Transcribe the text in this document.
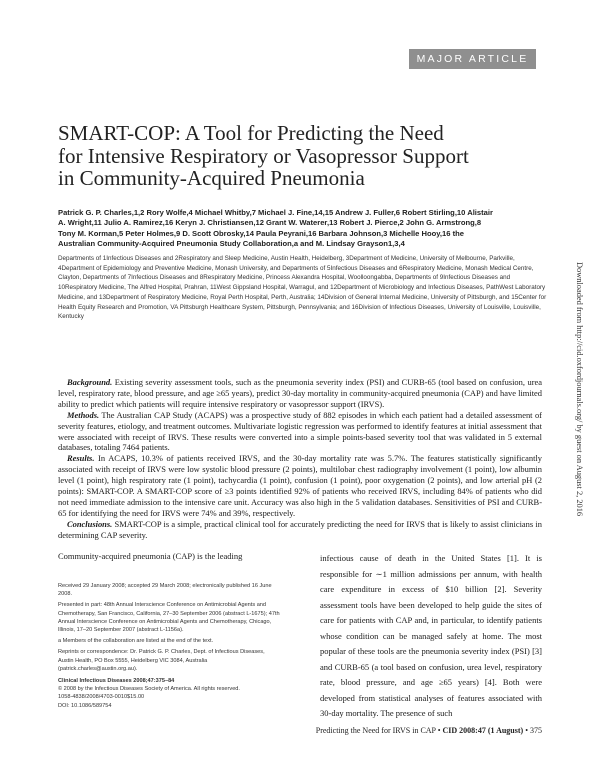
MAJOR ARTICLE
SMART-COP: A Tool for Predicting the Need
for Intensive Respiratory or Vasopressor Support
in Community-Acquired Pneumonia
Patrick G. P. Charles,1,2 Rory Wolfe,4 Michael Whitby,7 Michael J. Fine,14,15 Andrew J. Fuller,6 Robert Stirling,10 Alistair A. Wright,11 Julio A. Ramirez,16 Keryn J. Christiansen,12 Grant W. Waterer,13 Robert J. Pierce,2 John G. Armstrong,8 Tony M. Korman,5 Peter Holmes,9 D. Scott Obrosky,14 Paula Peyrani,16 Barbara Johnson,3 Michelle Hooy,16 the Australian Community-Acquired Pneumonia Study Collaboration,a and M. Lindsay Grayson1,3,4
Departments of 1Infectious Diseases and 2Respiratory and Sleep Medicine, Austin Health, Heidelberg, 3Department of Medicine, University of Melbourne, Parkville, 4Department of Epidemiology and Preventive Medicine, Monash University, and Departments of 5Infectious Diseases and 6Respiratory Medicine, Monash Medical Centre, Clayton, Departments of 7Infectious Diseases and 8Respiratory Medicine, Princess Alexandra Hospital, Woolloongabba, Departments of 9Infectious Diseases and 10Respiratory Medicine, The Alfred Hospital, Prahran, 11West Gippsland Hospital, Warragul, and 12Department of Microbiology and Infectious Diseases, PathWest Laboratory Medicine, and 13Department of Respiratory Medicine, Royal Perth Hospital, Perth, Australia; 14Division of General Internal Medicine, University of Pittsburgh, and 15Center for Health Equity Research and Promotion, VA Pittsburgh Healthcare System, Pittsburgh, Pennsylvania; and 16Division of Infectious Diseases, University of Louisville, Louisville, Kentucky	Downloaded from http://cid.oxfordjournals.org/ by guest on August 2, 2016

Background. Existing severity assessment tools, such as the pneumonia severity index (PSI) and CURB-65 (tool based on confusion, urea level, respiratory rate, blood pressure, and age ≥65 years), predict 30-day mortality in community-acquired pneumonia (CAP) and have limited ability to predict which patients will require intensive respiratory or vasopressor support (IRVS).

Methods. The Australian CAP Study (ACAPS) was a prospective study of 882 episodes in which each patient had a detailed assessment of severity features, etiology, and treatment outcomes. Multivariate logistic regression was performed to identify features at initial assessment that were associated with receipt of IRVS. These results were converted into a simple points-based severity tool that was validated in 5 external databases, totaling 7464 patients.

Results. In ACAPS, 10.3% of patients received IRVS, and the 30-day mortality rate was 5.7%. The features statistically significantly associated with receipt of IRVS were low systolic blood pressure (2 points), multilobar chest radiography involvement (1 point), low albumin level (1 point), high respiratory rate (1 point), tachycardia (1 point), confusion (1 point), poor oxygenation (2 points), and low arterial pH (2 points): SMART-COP. A SMART-COP score of ≥3 points identified 92% of patients who received IRVS, including 84% of patients who did not need immediate admission to the intensive care unit. Accuracy was also high in the 5 validation databases. Sensitivities of PSI and CURB-65 for identifying the need for IRVS were 74% and 39%, respectively.

Conclusions. SMART-COP is a simple, practical clinical tool for accurately predicting the need for IRVS that is likely to assist clinicians in determining CAP severity.

Community-acquired pneumonia (CAP) is the leading

Received 29 January 2008; accepted 29 March 2008; electronically published 16 June 2008.

Presented in part: 48th Annual Interscience Conference on Antimicrobial Agents and Chemotherapy, San Francisco, California, 27–30 September 2006 (abstract L-1675); 47th Annual Interscience Conference on Antimicrobial Agents and Chemotherapy, Chicago, Illinois, 17–20 September 2007 (abstract L-1156a).

a Members of the collaboration are listed at the end of the text.

Reprints or correspondence: Dr. Patrick G. P. Charles, Dept. of Infectious Diseases, Austin Health, PO Box 5555, Heidelberg VIC 3084, Australia (patrick.charles@austin.org.au).

Clinical Infectious Diseases 2008;47:375–84

© 2008 by the Infectious Diseases Society of America. All rights reserved.

1058-4838/2008/4703-0010$15.00

DOI: 10.1086/589754

infectious cause of death in the United States [1]. It is responsible for ∼1 million admissions per annum, with health care expenditure in excess of $10 billion [2]. Severity assessment tools have been developed to help guide the sites of care for patients with CAP and, in particular, to identify patients whose condition can be managed safely at home. The most popular of these tools are the pneumonia severity index (PSI) [3] and CURB-65 (a tool based on confusion, urea level, respiratory rate, blood pressure, and age ≥65 years) [4]. Both were developed from statistical analyses of features associated with 30-day mortality. The presence of such

Predicting the Need for IRVS in CAP • CID 2008:47 (1 August) • 375
